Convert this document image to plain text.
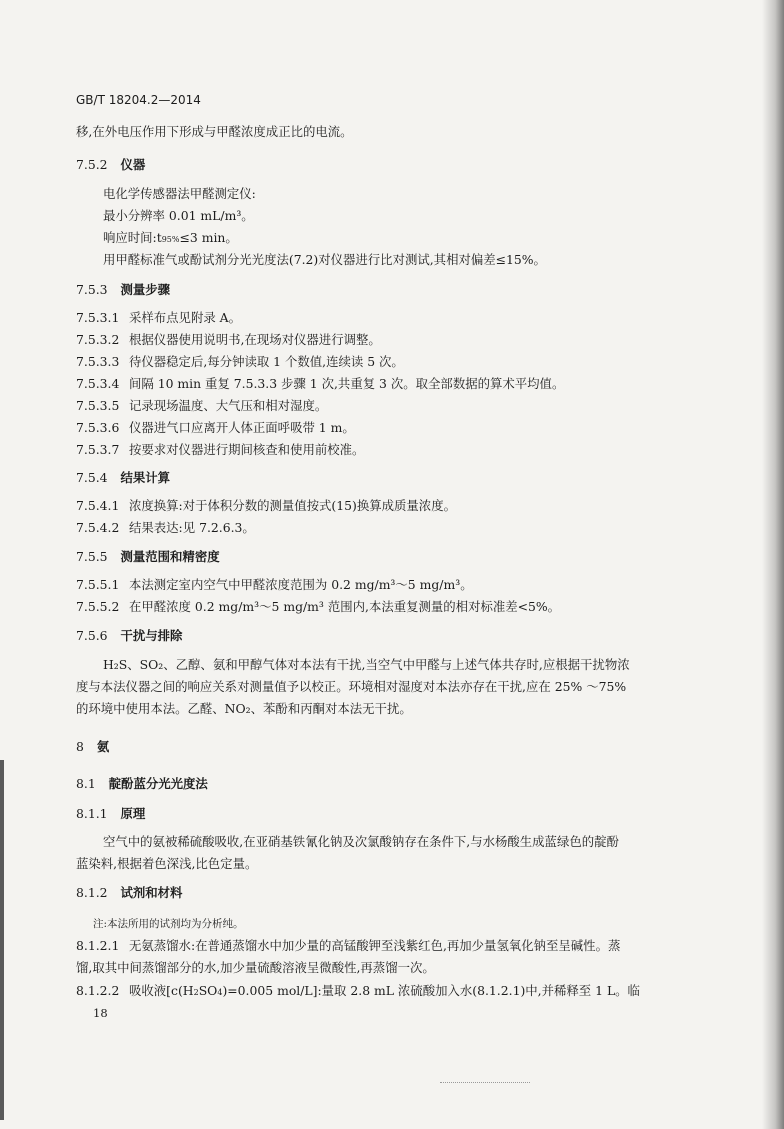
GB/T 18204.2—2014
移,在外电压作用下形成与甲醛浓度成正比的电流。
7.5.2 仪器
电化学传感器法甲醛测定仪:
最小分辨率 0.01 mL/m³。
响应时间:t95%≤3 min。
用甲醛标准气或酚试剂分光光度法(7.2)对仪器进行比对测试,其相对偏差≤15%。
7.5.3 测量步骤
7.5.3.1 采样布点见附录 A。
7.5.3.2 根据仪器使用说明书,在现场对仪器进行调整。
7.5.3.3 待仪器稳定后,每分钟读取 1 个数值,连续读 5 次。
7.5.3.4 间隔 10 min 重复 7.5.3.3 步骤 1 次,共重复 3 次。取全部数据的算术平均值。
7.5.3.5 记录现场温度、大气压和相对湿度。
7.5.3.6 仪器进气口应离开人体正面呼吸带 1 m。
7.5.3.7 按要求对仪器进行期间核查和使用前校准。
7.5.4 结果计算
7.5.4.1 浓度换算:对于体积分数的测量值按式(15)换算成质量浓度。
7.5.4.2 结果表达:见 7.2.6.3。
7.5.5 测量范围和精密度
7.5.5.1 本法测定室内空气中甲醛浓度范围为 0.2 mg/m³～5 mg/m³。
7.5.5.2 在甲醛浓度 0.2 mg/m³～5 mg/m³ 范围内,本法重复测量的相对标准差<5%。
7.5.6 干扰与排除
H₂S、SO₂、乙醇、氨和甲醇气体对本法有干扰,当空气中甲醛与上述气体共存时,应根据干扰物浓
度与本法仪器之间的响应关系对测量值予以校正。环境相对湿度对本法亦存在干扰,应在 25% ～75%
的环境中使用本法。乙醛、NO₂、苯酚和丙酮对本法无干扰。
8 氨
8.1 靛酚蓝分光光度法
8.1.1 原理
空气中的氨被稀硫酸吸收,在亚硝基铁氰化钠及次氯酸钠存在条件下,与水杨酸生成蓝绿色的靛酚
蓝染料,根据着色深浅,比色定量。
8.1.2 试剂和材料
注:本法所用的试剂均为分析纯。
8.1.2.1 无氨蒸馏水:在普通蒸馏水中加少量的高锰酸钾至浅紫红色,再加少量氢氧化钠至呈碱性。蒸
馏,取其中间蒸馏部分的水,加少量硫酸溶液呈微酸性,再蒸馏一次。
8.1.2.2 吸收液[c(H2SO4)=0.005 mol/L]:量取 2.8 mL 浓硫酸加入水(8.1.2.1)中,并稀释至 1 L。临
18
